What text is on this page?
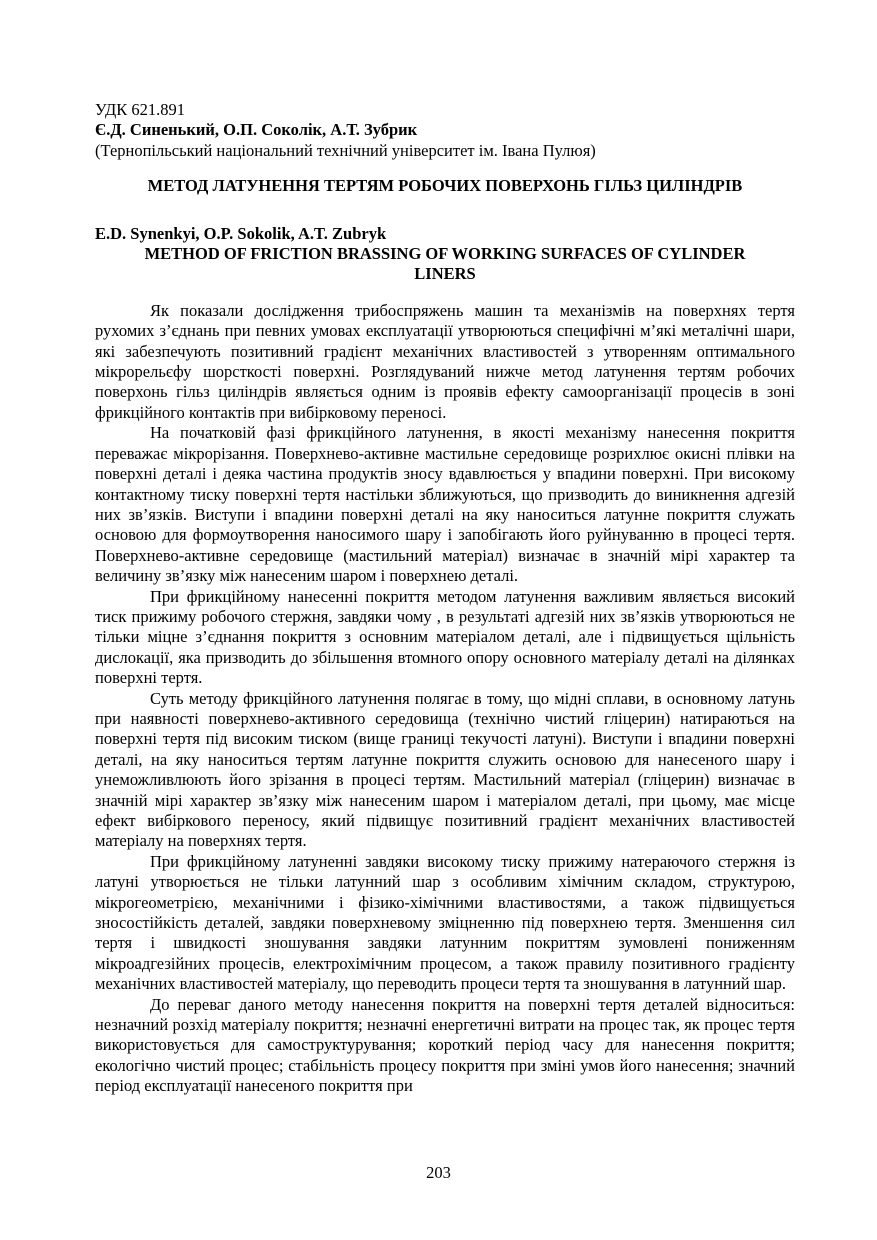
УДК 621.891
Є.Д. Синенький, О.П. Соколік, А.Т. Зубрик
(Тернопільський національний технічний університет ім. Івана Пулюя)
МЕТОД ЛАТУНЕННЯ ТЕРТЯМ РОБОЧИХ ПОВЕРХОНЬ ГІЛЬЗ ЦИЛІНДРІВ
E.D. Synenkyi, O.P. Sokolik, A.T. Zubryk
METHOD OF FRICTION BRASSING OF WORKING SURFACES OF CYLINDER LINERS

Як показали дослідження трибоспряжень машин та механізмів на поверхнях тертя рухомих з’єднань при певних умовах експлуатації утворюються специфічні м’які металічні шари, які забезпечують позитивний градієнт механічних властивостей з утворенням оптимального мікрорельєфу шорсткості поверхні. Розглядуваний нижче метод латунення тертям робочих поверхонь гільз циліндрів являється одним із проявів ефекту самоорганізації процесів в зоні фрикційного контактів при вибірковому переносі.

На початковій фазі фрикційного латунення, в якості механізму нанесення покриття переважає мікрорізання. Поверхнево-активне мастильне середовище розрихлює окисні плівки на поверхні деталі і деяка частина продуктів зносу вдавлюється у впадини поверхні. При високому контактному тиску поверхні тертя настільки зближуються, що призводить до виникнення адгезій них зв’язків. Виступи і впадини поверхні деталі на яку наноситься латунне покриття служать основою для формоутворення наносимого шару і запобігають його руйнуванню в процесі тертя. Поверхнево-активне середовище (мастильний матеріал) визначає в значній мірі характер та величину зв’язку між нанесеним шаром і поверхнею деталі.

При фрикційному нанесенні покриття методом латунення важливим являється високий тиск прижиму робочого стержня, завдяки чому , в результаті адгезій них зв’язків утворюються не тільки міцне з’єднання покриття з основним матеріалом деталі, але і підвищується щільність дислокації, яка призводить до збільшення втомного опору основного матеріалу деталі на ділянках поверхні тертя.

Суть методу фрикційного латунення полягає в тому, що мідні сплави, в основному латунь при наявності поверхнево-активного середовища (технічно чистий гліцерин) натираються на поверхні тертя під високим тиском (вище границі текучості латуні). Виступи і впадини поверхні деталі, на яку наноситься тертям латунне покриття служить основою для нанесеного шару і унеможливлюють його зрізання в процесі тертям. Мастильний матеріал (гліцерин) визначає в значній мірі характер зв’язку між нанесеним шаром і матеріалом деталі, при цьому, має місце ефект вибіркового переносу, який підвищує позитивний градієнт механічних властивостей матеріалу на поверхнях тертя.

При фрикційному латуненні завдяки високому тиску прижиму натераючого стержня із латуні утворюється не тільки латунний шар з особливим хімічним складом, структурою, мікрогеометрією, механічними і фізико-хімічними властивостями, а також підвищується зносостійкість деталей, завдяки поверхневому зміцненню під поверхнею тертя. Зменшення сил тертя і швидкості зношування завдяки латунним покриттям зумовлені пониженням мікроадгезійних процесів, електрохімічним процесом, а також правилу позитивного градієнту механічних властивостей матеріалу, що переводить процеси тертя та зношування в латунний шар.

До переваг даного методу нанесення покриття на поверхні тертя деталей відноситься: незначний розхід матеріалу покриття; незначні енергетичні витрати на процес так, як процес тертя використовується для самоструктурування; короткий період часу для нанесення покриття; екологічно чистий процес; стабільність процесу покриття при зміні умов його нанесення; значний період експлуатації нанесеного покриття при

203
